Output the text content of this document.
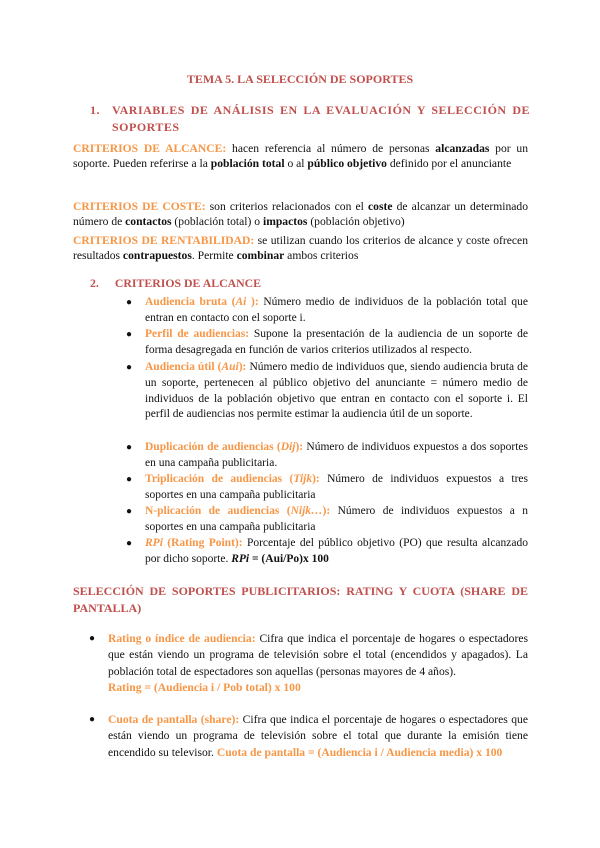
TEMA 5. LA SELECCIÓN DE SOPORTES
1. VARIABLES DE ANÁLISIS EN LA EVALUACIÓN Y SELECCIÓN DE SOPORTES

CRITERIOS DE ALCANCE: hacen referencia al número de personas alcanzadas por un soporte. Pueden referirse a la población total o al público objetivo definido por el anunciante

CRITERIOS DE COSTE: son criterios relacionados con el coste de alcanzar un determinado número de contactos (población total) o impactos (población objetivo)

CRITERIOS DE RENTABILIDAD: se utilizan cuando los criterios de alcance y coste ofrecen resultados contrapuestos. Permite combinar ambos criterios

2. CRITERIOS DE ALCANCE
● Audiencia bruta (Ai ): Número medio de individuos de la población total que entran en contacto con el soporte i.
● Perfil de audiencias: Supone la presentación de la audiencia de un soporte de forma desagregada en función de varios criterios utilizados al respecto.
● Audiencia útil (Aui): Número medio de individuos que, siendo audiencia bruta de un soporte, pertenecen al público objetivo del anunciante = número medio de individuos de la población objetivo que entran en contacto con el soporte i. El perfil de audiencias nos permite estimar la audiencia útil de un soporte.
● Duplicación de audiencias (Dij): Número de individuos expuestos a dos soportes en una campaña publicitaria.
● Triplicación de audiencias (Tijk): Número de individuos expuestos a tres soportes en una campaña publicitaria
● N-plicación de audiencias (Nijk…): Número de individuos expuestos a n soportes en una campaña publicitaria
● RPi (Rating Point): Porcentaje del público objetivo (PO) que resulta alcanzado por dicho soporte. RPi = (Aui/Po)x 100
SELECCIÓN DE SOPORTES PUBLICITARIOS: RATING Y CUOTA (SHARE DE PANTALLA)
● Rating o índice de audiencia: Cifra que indica el porcentaje de hogares o espectadores que están viendo un programa de televisión sobre el total (encendidos y apagados). La población total de espectadores son aquellas (personas mayores de 4 años).
Rating = (Audiencia i / Pob total) x 100
● Cuota de pantalla (share): Cifra que indica el porcentaje de hogares o espectadores que están viendo un programa de televisión sobre el total que durante la emisión tiene encendido su televisor. Cuota de pantalla = (Audiencia i / Audiencia media) x 100
